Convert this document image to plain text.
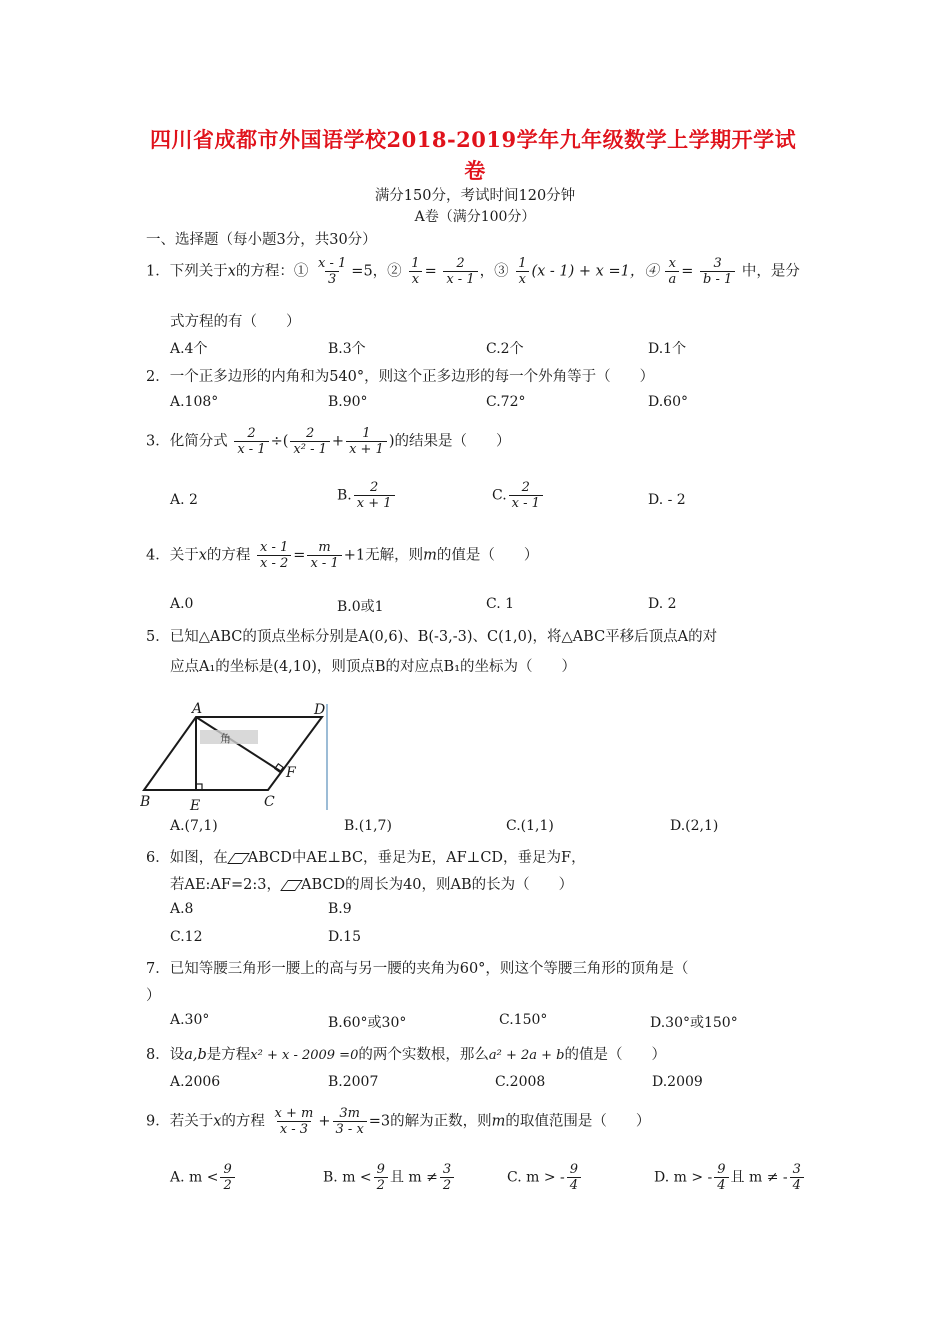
四川省成都市外国语学校2018-2019学年九年级数学上学期开学试
卷
满分150分，考试时间120分钟
A卷（满分100分）
一、选择题（每小题3分，共30分）
1．下列关于x的方程：① $\frac{x - 1}{3} =5$，② $\frac{1}{x} = \frac{2}{x - 1}$ ，③ $\frac{1}{x} (x - 1) + x =1$，④ $\frac{x}{a} = \frac{3}{b - 1}$ 中，是分
式方程的有（　　）
A.4个	B.3个	C.2个	D.1个
2．一个正多边形的内角和为540°，则这个正多边形的每一个外角等于（　　）
A.108°	B.90°	C.72°	D.60°
3．化简分式 $\frac{2}{x - 1}$ ÷( $\frac{2}{\text{x² - 1}} + \frac{1}{x + 1}$ )的结果是（　　）
A. 2	B. $\frac{2}{x + 1}$	C. $\frac{2}{x - 1}$	D. - 2
4．关于x的方程 $\frac{x - 1}{x - 2} = \frac{m}{x - 1} +1$无解，则m的值是（　　）
A.0	B.0或1	C. 1	D. 2
5．已知△ABC的顶点坐标分别是A(0,6)、B(-3,-3)、C(1,0)，将△ABC平移后顶点A的对
应点A₁的坐标是(4,10)，则顶点B的对应点B₁的坐标为（　　）
角
A	D
B	E	C
F
A.(7,1)	B.(1,7)	C.(1,1)	D.(2,1)
6．如图，在 ABCD中AE⊥BC，垂足为E，AF⊥CD，垂足为F，
若AE:AF=2:3， ABCD的周长为40，则AB的长为（　　）
A.8	B.9
C.12	D.15
7．已知等腰三角形一腰上的高与另一腰的夹角为60°，则这个等腰三角形的顶角是（
）
A.30°	B.60°或30°	C.150°	D.30°或150°
8．设a,b是方程x² + x - 2009 =0的两个实数根，那么a² + 2a + b的值是（　　）
A.2006	B.2007	C.2008	D.2009
9．若关于x的方程 $\frac{x + m}{x - 3} + \frac{3m}{3 - x} =3$的解为正数，则m的取值范围是（　　）
A. $m < \frac{9}{2}$	B. $m < \frac{9}{2}$ 且 $m \ne \frac{3}{2}$	C. m > - $\frac{9}{4}$	D. m > - $\frac{9}{4}$ 且 m ≠ - $\frac{3}{4}$
